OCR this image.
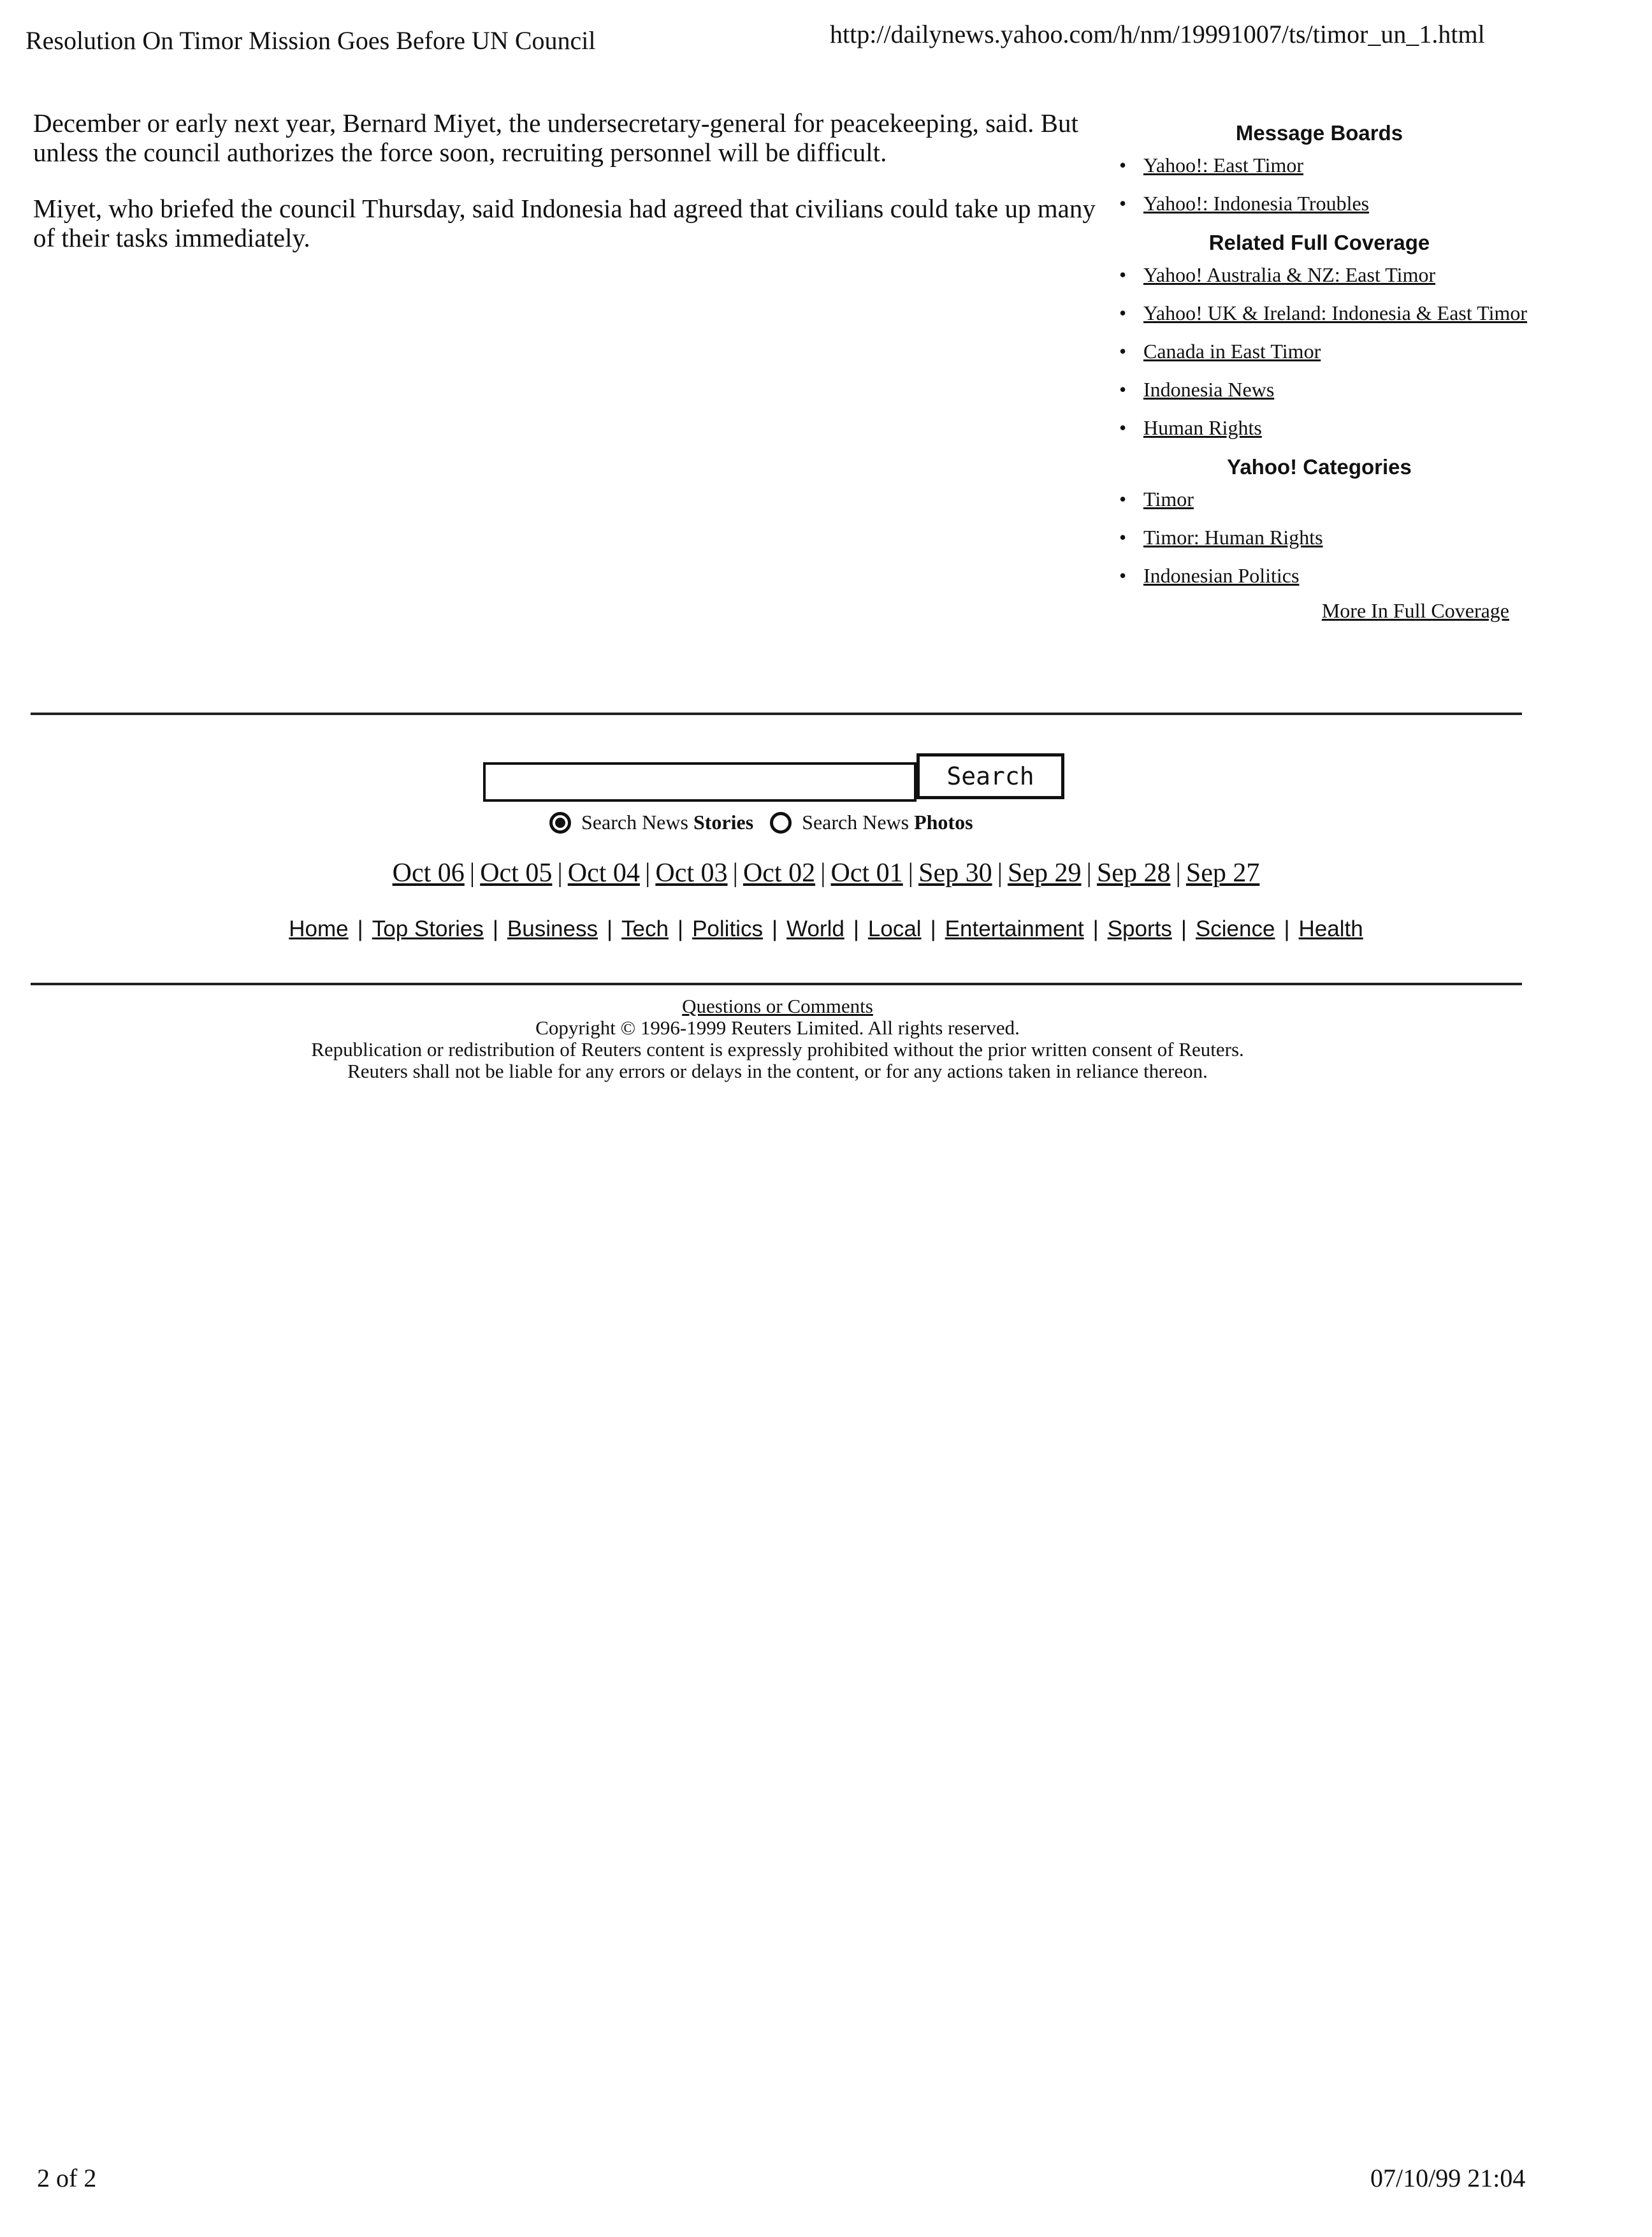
Resolution On Timor Mission Goes Before UN Council	http://dailynews.yahoo.com/h/nm/19991007/ts/timor_un_1.html

December or early next year, Bernard Miyet, the undersecretary-general for peacekeeping, said. But unless the council authorizes the force soon, recruiting personnel will be difficult.

Miyet, who briefed the council Thursday, said Indonesia had agreed that civilians could take up many of their tasks immediately.

Message Boards
• Yahoo!: East Timor
• Yahoo!: Indonesia Troubles
Related Full Coverage
• Yahoo! Australia & NZ: East Timor
• Yahoo! UK & Ireland: Indonesia & East Timor
• Canada in East Timor
• Indonesia News
• Human Rights
Yahoo! Categories
• Timor
• Timor: Human Rights
• Indonesian Politics
More In Full Coverage
Search
Search News Stories Search News Photos
Oct 06 | Oct 05 | Oct 04 | Oct 03 | Oct 02 | Oct 01 | Sep 30 | Sep 29 | Sep 28 | Sep 27
Home | Top Stories | Business | Tech | Politics | World | Local | Entertainment | Sports | Science | Health
Questions or Comments
Copyright © 1996-1999 Reuters Limited. All rights reserved.
Republication or redistribution of Reuters content is expressly prohibited without the prior written consent of Reuters.
Reuters shall not be liable for any errors or delays in the content, or for any actions taken in reliance thereon.
2 of 2	07/10/99 21:04
